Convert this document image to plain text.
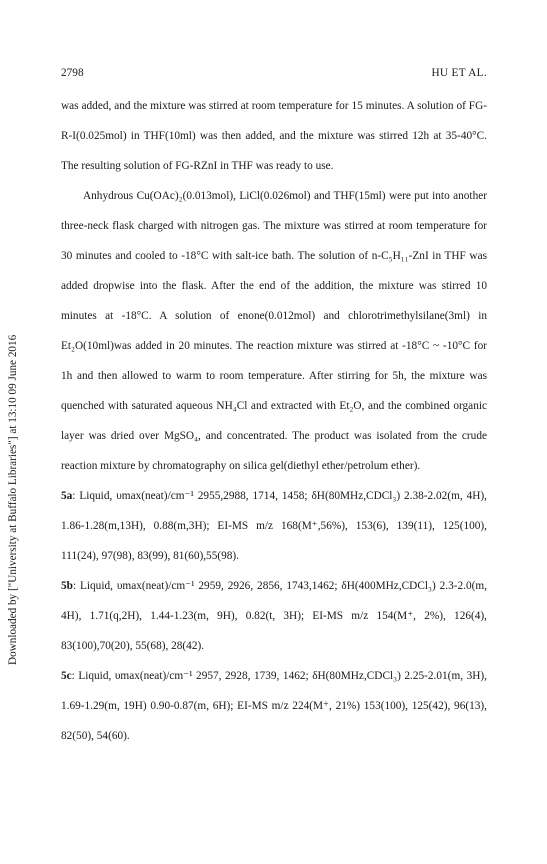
2798	HU ET AL.
Downloaded by ["University at Buffalo Libraries"] at 13:10 09 June 2016

was added, and the mixture was stirred at room temperature for 15 minutes. A solution of FG-R-I(0.025mol) in THF(10ml) was then added, and the mixture was stirred 12h at 35-40°C. The resulting solution of FG-RZnI in THF was ready to use.

Anhydrous Cu(OAc)₂(0.013mol), LiCl(0.026mol) and THF(15ml) were put into another three-neck flask charged with nitrogen gas. The mixture was stirred at room temperature for 30 minutes and cooled to -18°C with salt-ice bath. The solution of n-C₅H₁₁-ZnI in THF was added dropwise into the flask. After the end of the addition, the mixture was stirred 10 minutes at -18°C. A solution of enone(0.012mol) and chlorotrimethylsilane(3ml) in Et₂O(10ml)was added in 20 minutes. The reaction mixture was stirred at -18°C ~ -10°C for 1h and then allowed to warm to room temperature. After stirring for 5h, the mixture was quenched with saturated aqueous NH₄Cl and extracted with Et₂O, and the combined organic layer was dried over MgSO₄, and concentrated. The product was isolated from the crude reaction mixture by chromatography on silica gel(diethyl ether/petrolum ether).

5a: Liquid, υmax(neat)/cm⁻¹ 2955,2988, 1714, 1458; δH(80MHz,CDCl₃) 2.38-2.02(m, 4H), 1.86-1.28(m,13H), 0.88(m,3H); EI-MS m/z 168(M⁺,56%), 153(6), 139(11), 125(100), 111(24), 97(98), 83(99), 81(60),55(98).

5b: Liquid, υmax(neat)/cm⁻¹ 2959, 2926, 2856, 1743,1462; δH(400MHz,CDCl₃) 2.3-2.0(m, 4H), 1.71(q,2H), 1.44-1.23(m, 9H), 0.82(t, 3H); EI-MS m/z 154(M⁺, 2%), 126(4), 83(100),70(20), 55(68), 28(42).

5c: Liquid, υmax(neat)/cm⁻¹ 2957, 2928, 1739, 1462; δH(80MHz,CDCl₃) 2.25-2.01(m, 3H), 1.69-1.29(m, 19H) 0.90-0.87(m, 6H); EI-MS m/z 224(M⁺, 21%) 153(100), 125(42), 96(13), 82(50), 54(60).
